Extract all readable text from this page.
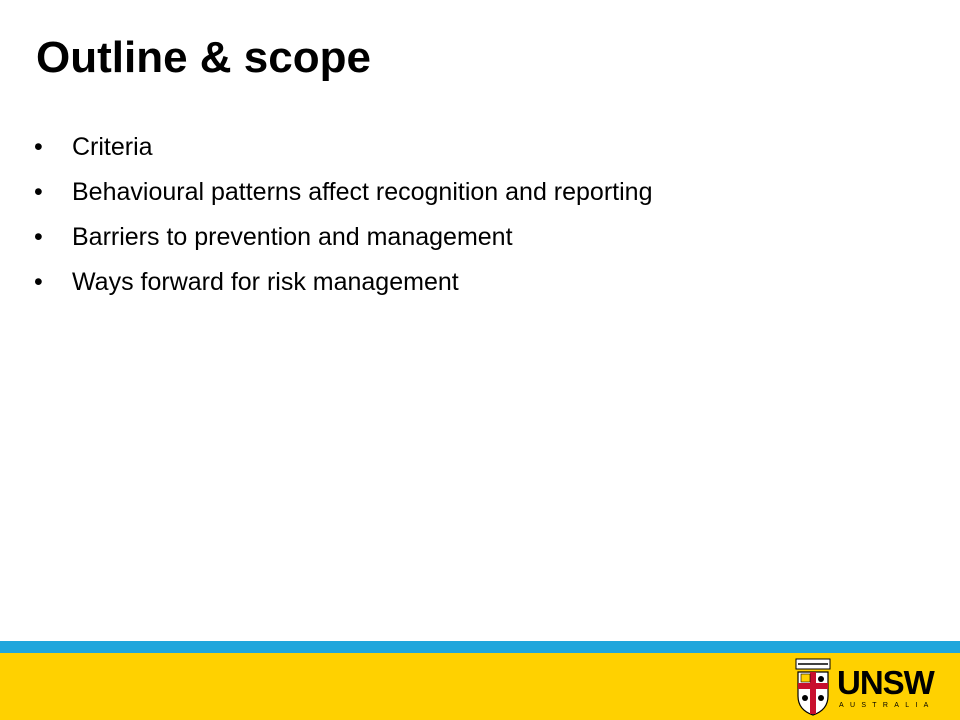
Outline & scope
•	Criteria
•	Behavioural patterns affect recognition and reporting
•	Barriers to prevention and management
•	Ways forward for risk management
UNSW
AUSTRALIA
